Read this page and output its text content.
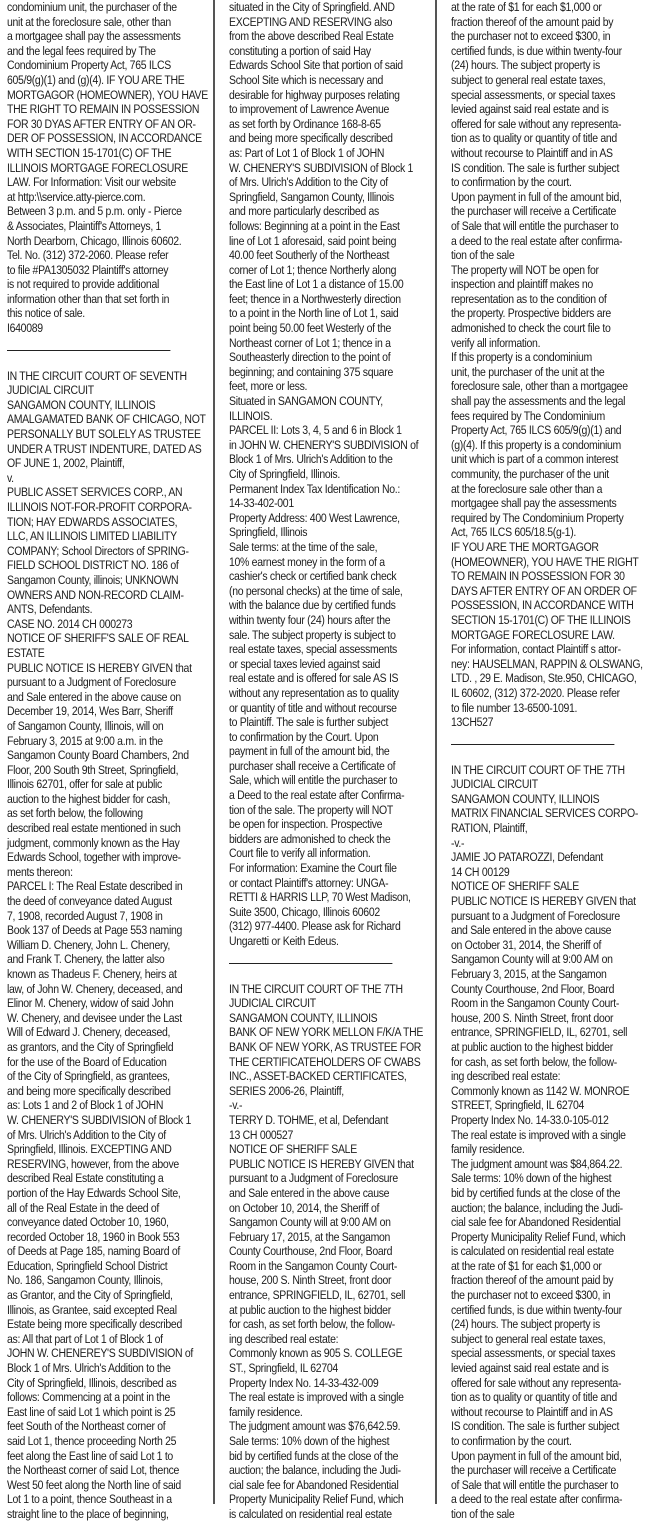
condominium unit, the purchaser of the
unit at the foreclosure sale, other than
a mortgagee shall pay the assessments
and the legal fees required by The
Condominium Property Act, 765 ILCS
605/9(g)(1) and (g)(4). IF YOU ARE THE
MORTGAGOR (HOMEOWNER), YOU HAVE
THE RIGHT TO REMAIN IN POSSESSION
FOR 30 DYAS AFTER ENTRY OF AN OR-
DER OF POSSESSION, IN ACCORDANCE
WITH SECTION 15-1701(C) OF THE
ILLINOIS MORTGAGE FORECLOSURE
LAW. For Information: Visit our website
at http:\\service.atty-pierce.com.
Between 3 p.m. and 5 p.m. only - Pierce
& Associates, Plaintiff's Attorneys, 1
North Dearborn, Chicago, Illinois 60602.
Tel. No. (312) 372-2060. Please refer
to file #PA1305032 Plaintiff's attorney
is not required to provide additional
information other than that set forth in
this notice of sale.
I640089
IN THE CIRCUIT COURT OF SEVENTH
JUDICIAL CIRCUIT
SANGAMON COUNTY, ILLINOIS
AMALGAMATED BANK OF CHICAGO, NOT
PERSONALLY BUT SOLELY AS TRUSTEE
UNDER A TRUST INDENTURE, DATED AS
OF JUNE 1, 2002, Plaintiff,
v.
PUBLIC ASSET SERVICES CORP., AN
ILLINOIS NOT-FOR-PROFIT CORPORA-
TION; HAY EDWARDS ASSOCIATES,
LLC, AN ILLINOIS LIMITED LIABILITY
COMPANY; School Directors of SPRING-
FIELD SCHOOL DISTRICT NO. 186 of
Sangamon County, illinois; UNKNOWN
OWNERS AND NON-RECORD CLAIM-
ANTS, Defendants.
CASE NO. 2014 CH 000273
NOTICE OF SHERIFF'S SALE OF REAL
ESTATE
PUBLIC NOTICE IS HEREBY GIVEN that
pursuant to a Judgment of Foreclosure
and Sale entered in the above cause on
December 19, 2014, Wes Barr, Sheriff
of Sangamon County, Illinois, will on
February 3, 2015 at 9:00 a.m. in the
Sangamon County Board Chambers, 2nd
Floor, 200 South 9th Street, Springfield,
Illinois 62701, offer for sale at public
auction to the highest bidder for cash,
as set forth below, the following
described real estate mentioned in such
judgment, commonly known as the Hay
Edwards School, together with improve-
ments thereon:
PARCEL I: The Real Estate described in
the deed of conveyance dated August
7, 1908, recorded August 7, 1908 in
Book 137 of Deeds at Page 553 naming
William D. Chenery, John L. Chenery,
and Frank T. Chenery, the latter also
known as Thadeus F. Chenery, heirs at
law, of John W. Chenery, deceased, and
Elinor M. Chenery, widow of said John
W. Chenery, and devisee under the Last
Will of Edward J. Chenery, deceased,
as grantors, and the City of Springfield
for the use of the Board of Education
of the City of Springfield, as grantees,
and being more specifically described
as: Lots 1 and 2 of Block 1 of JOHN
W. CHENERY'S SUBDIVISION of Block 1
of Mrs. Ulrich's Addition to the City of
Springfield, Illinois. EXCEPTING AND
RESERVING, however, from the above
described Real Estate constituting a
portion of the Hay Edwards School Site,
all of the Real Estate in the deed of
conveyance dated October 10, 1960,
recorded October 18, 1960 in Book 553
of Deeds at Page 185, naming Board of
Education, Springfield School District
No. 186, Sangamon County, Illinois,
as Grantor, and the City of Springfield,
Illinois, as Grantee, said excepted Real
Estate being more specifically described
as: All that part of Lot 1 of Block 1 of
JOHN W. CHENEREY'S SUBDIVISION of
Block 1 of Mrs. Ulrich's Addition to the
City of Springfield, Illinois, described as
follows: Commencing at a point in the
East line of said Lot 1 which point is 25
feet South of the Northeast corner of
said Lot 1, thence proceeding North 25
feet along the East line of said Lot 1 to
the Northeast corner of said Lot, thence
West 50 feet along the North line of said
Lot 1 to a point, thence Southeast in a
straight line to the place of beginning,
situated in the City of Springfield. AND
EXCEPTING AND RESERVING also
from the above described Real Estate
constituting a portion of said Hay
Edwards School Site that portion of said
School Site which is necessary and
desirable for highway purposes relating
to improvement of Lawrence Avenue
as set forth by Ordinance 168-8-65
and being more specifically described
as: Part of Lot 1 of Block 1 of JOHN
W. CHENERY'S SUBDIVISION of Block 1
of Mrs. Ulrich's Addition to the City of
Springfield, Sangamon County, Illinois
and more particularly described as
follows: Beginning at a point in the East
line of Lot 1 aforesaid, said point being
40.00 feet Southerly of the Northeast
corner of Lot 1; thence Northerly along
the East line of Lot 1 a distance of 15.00
feet; thence in a Northwesterly direction
to a point in the North line of Lot 1, said
point being 50.00 feet Westerly of the
Northeast corner of Lot 1; thence in a
Southeasterly direction to the point of
beginning; and containing 375 square
feet, more or less.
Situated in SANGAMON COUNTY,
ILLINOIS.
PARCEL II: Lots 3, 4, 5 and 6 in Block 1
in JOHN W. CHENERY'S SUBDIVISION of
Block 1 of Mrs. Ulrich's Addition to the
City of Springfield, Illinois.
Permanent Index Tax Identification No.:
14-33-402-001
Property Address: 400 West Lawrence,
Springfield, Illinois
Sale terms: at the time of the sale,
10% earnest money in the form of a
cashier's check or certified bank check
(no personal checks) at the time of sale,
with the balance due by certified funds
within twenty four (24) hours after the
sale. The subject property is subject to
real estate taxes, special assessments
or special taxes levied against said
real estate and is offered for sale AS IS
without any representation as to quality
or quantity of title and without recourse
to Plaintiff. The sale is further subject
to confirmation by the Court. Upon
payment in full of the amount bid, the
purchaser shall receive a Certificate of
Sale, which will entitle the purchaser to
a Deed to the real estate after Confirma-
tion of the sale. The property will NOT
be open for inspection. Prospective
bidders are admonished to check the
Court file to verify all information.
For information: Examine the Court file
or contact Plaintiff's attorney: UNGA-
RETTI & HARRIS LLP, 70 West Madison,
Suite 3500, Chicago, Illinois 60602
(312) 977-4400. Please ask for Richard
Ungaretti or Keith Edeus.
IN THE CIRCUIT COURT OF THE 7TH
JUDICIAL CIRCUIT
SANGAMON COUNTY, ILLINOIS
BANK OF NEW YORK MELLON F/K/A THE
BANK OF NEW YORK, AS TRUSTEE FOR
THE CERTIFICATEHOLDERS OF CWABS
INC., ASSET-BACKED CERTIFICATES,
SERIES 2006-26, Plaintiff,
-v.-
TERRY D. TOHME, et al, Defendant
13 CH 000527
NOTICE OF SHERIFF SALE
PUBLIC NOTICE IS HEREBY GIVEN that
pursuant to a Judgment of Foreclosure
and Sale entered in the above cause
on October 10, 2014, the Sheriff of
Sangamon County will at 9:00 AM on
February 17, 2015, at the Sangamon
County Courthouse, 2nd Floor, Board
Room in the Sangamon County Court-
house, 200 S. Ninth Street, front door
entrance, SPRINGFIELD, IL, 62701, sell
at public auction to the highest bidder
for cash, as set forth below, the follow-
ing described real estate:
Commonly known as 905 S. COLLEGE
ST., Springfield, IL 62704
Property Index No. 14-33-432-009
The real estate is improved with a single
family residence.
The judgment amount was $76,642.59.
Sale terms: 10% down of the highest
bid by certified funds at the close of the
auction; the balance, including the Judi-
cial sale fee for Abandoned Residential
Property Municipality Relief Fund, which
is calculated on residential real estate
at the rate of $1 for each $1,000 or
fraction thereof of the amount paid by
the purchaser not to exceed $300, in
certified funds, is due within twenty-four
(24) hours. The subject property is
subject to general real estate taxes,
special assessments, or special taxes
levied against said real estate and is
offered for sale without any representa-
tion as to quality or quantity of title and
without recourse to Plaintiff and in AS
IS condition. The sale is further subject
to confirmation by the court.
Upon payment in full of the amount bid,
the purchaser will receive a Certificate
of Sale that will entitle the purchaser to
a deed to the real estate after confirma-
tion of the sale
The property will NOT be open for
inspection and plaintiff makes no
representation as to the condition of
the property. Prospective bidders are
admonished to check the court file to
verify all information.
If this property is a condominium
unit, the purchaser of the unit at the
foreclosure sale, other than a mortgagee
shall pay the assessments and the legal
fees required by The Condominium
Property Act, 765 ILCS 605/9(g)(1) and
(g)(4). If this property is a condominium
unit which is part of a common interest
community, the purchaser of the unit
at the foreclosure sale other than a
mortgagee shall pay the assessments
required by The Condominium Property
Act, 765 ILCS 605/18.5(g-1).
IF YOU ARE THE MORTGAGOR
(HOMEOWNER), YOU HAVE THE RIGHT
TO REMAIN IN POSSESSION FOR 30
DAYS AFTER ENTRY OF AN ORDER OF
POSSESSION, IN ACCORDANCE WITH
SECTION 15-1701(C) OF THE ILLINOIS
MORTGAGE FORECLOSURE LAW.
For information, contact Plaintiff s attor-
ney: HAUSELMAN, RAPPIN & OLSWANG,
LTD. , 29 E. Madison, Ste.950, CHICAGO,
IL 60602, (312) 372-2020. Please refer
to file number 13-6500-1091.
13CH527
IN THE CIRCUIT COURT OF THE 7TH
JUDICIAL CIRCUIT
SANGAMON COUNTY, ILLINOIS
MATRIX FINANCIAL SERVICES CORPO-
RATION, Plaintiff,
-v.-
JAMIE JO PATAROZZI, Defendant
14 CH 00129
NOTICE OF SHERIFF SALE
PUBLIC NOTICE IS HEREBY GIVEN that
pursuant to a Judgment of Foreclosure
and Sale entered in the above cause
on October 31, 2014, the Sheriff of
Sangamon County will at 9:00 AM on
February 3, 2015, at the Sangamon
County Courthouse, 2nd Floor, Board
Room in the Sangamon County Court-
house, 200 S. Ninth Street, front door
entrance, SPRINGFIELD, IL, 62701, sell
at public auction to the highest bidder
for cash, as set forth below, the follow-
ing described real estate:
Commonly known as 1142 W. MONROE
STREET, Springfield, IL 62704
Property Index No. 14-33.0-105-012
The real estate is improved with a single
family residence.
The judgment amount was $84,864.22.
Sale terms: 10% down of the highest
bid by certified funds at the close of the
auction; the balance, including the Judi-
cial sale fee for Abandoned Residential
Property Municipality Relief Fund, which
is calculated on residential real estate
at the rate of $1 for each $1,000 or
fraction thereof of the amount paid by
the purchaser not to exceed $300, in
certified funds, is due within twenty-four
(24) hours. The subject property is
subject to general real estate taxes,
special assessments, or special taxes
levied against said real estate and is
offered for sale without any representa-
tion as to quality or quantity of title and
without recourse to Plaintiff and in AS
IS condition. The sale is further subject
to confirmation by the court.
Upon payment in full of the amount bid,
the purchaser will receive a Certificate
of Sale that will entitle the purchaser to
a deed to the real estate after confirma-
tion of the sale
